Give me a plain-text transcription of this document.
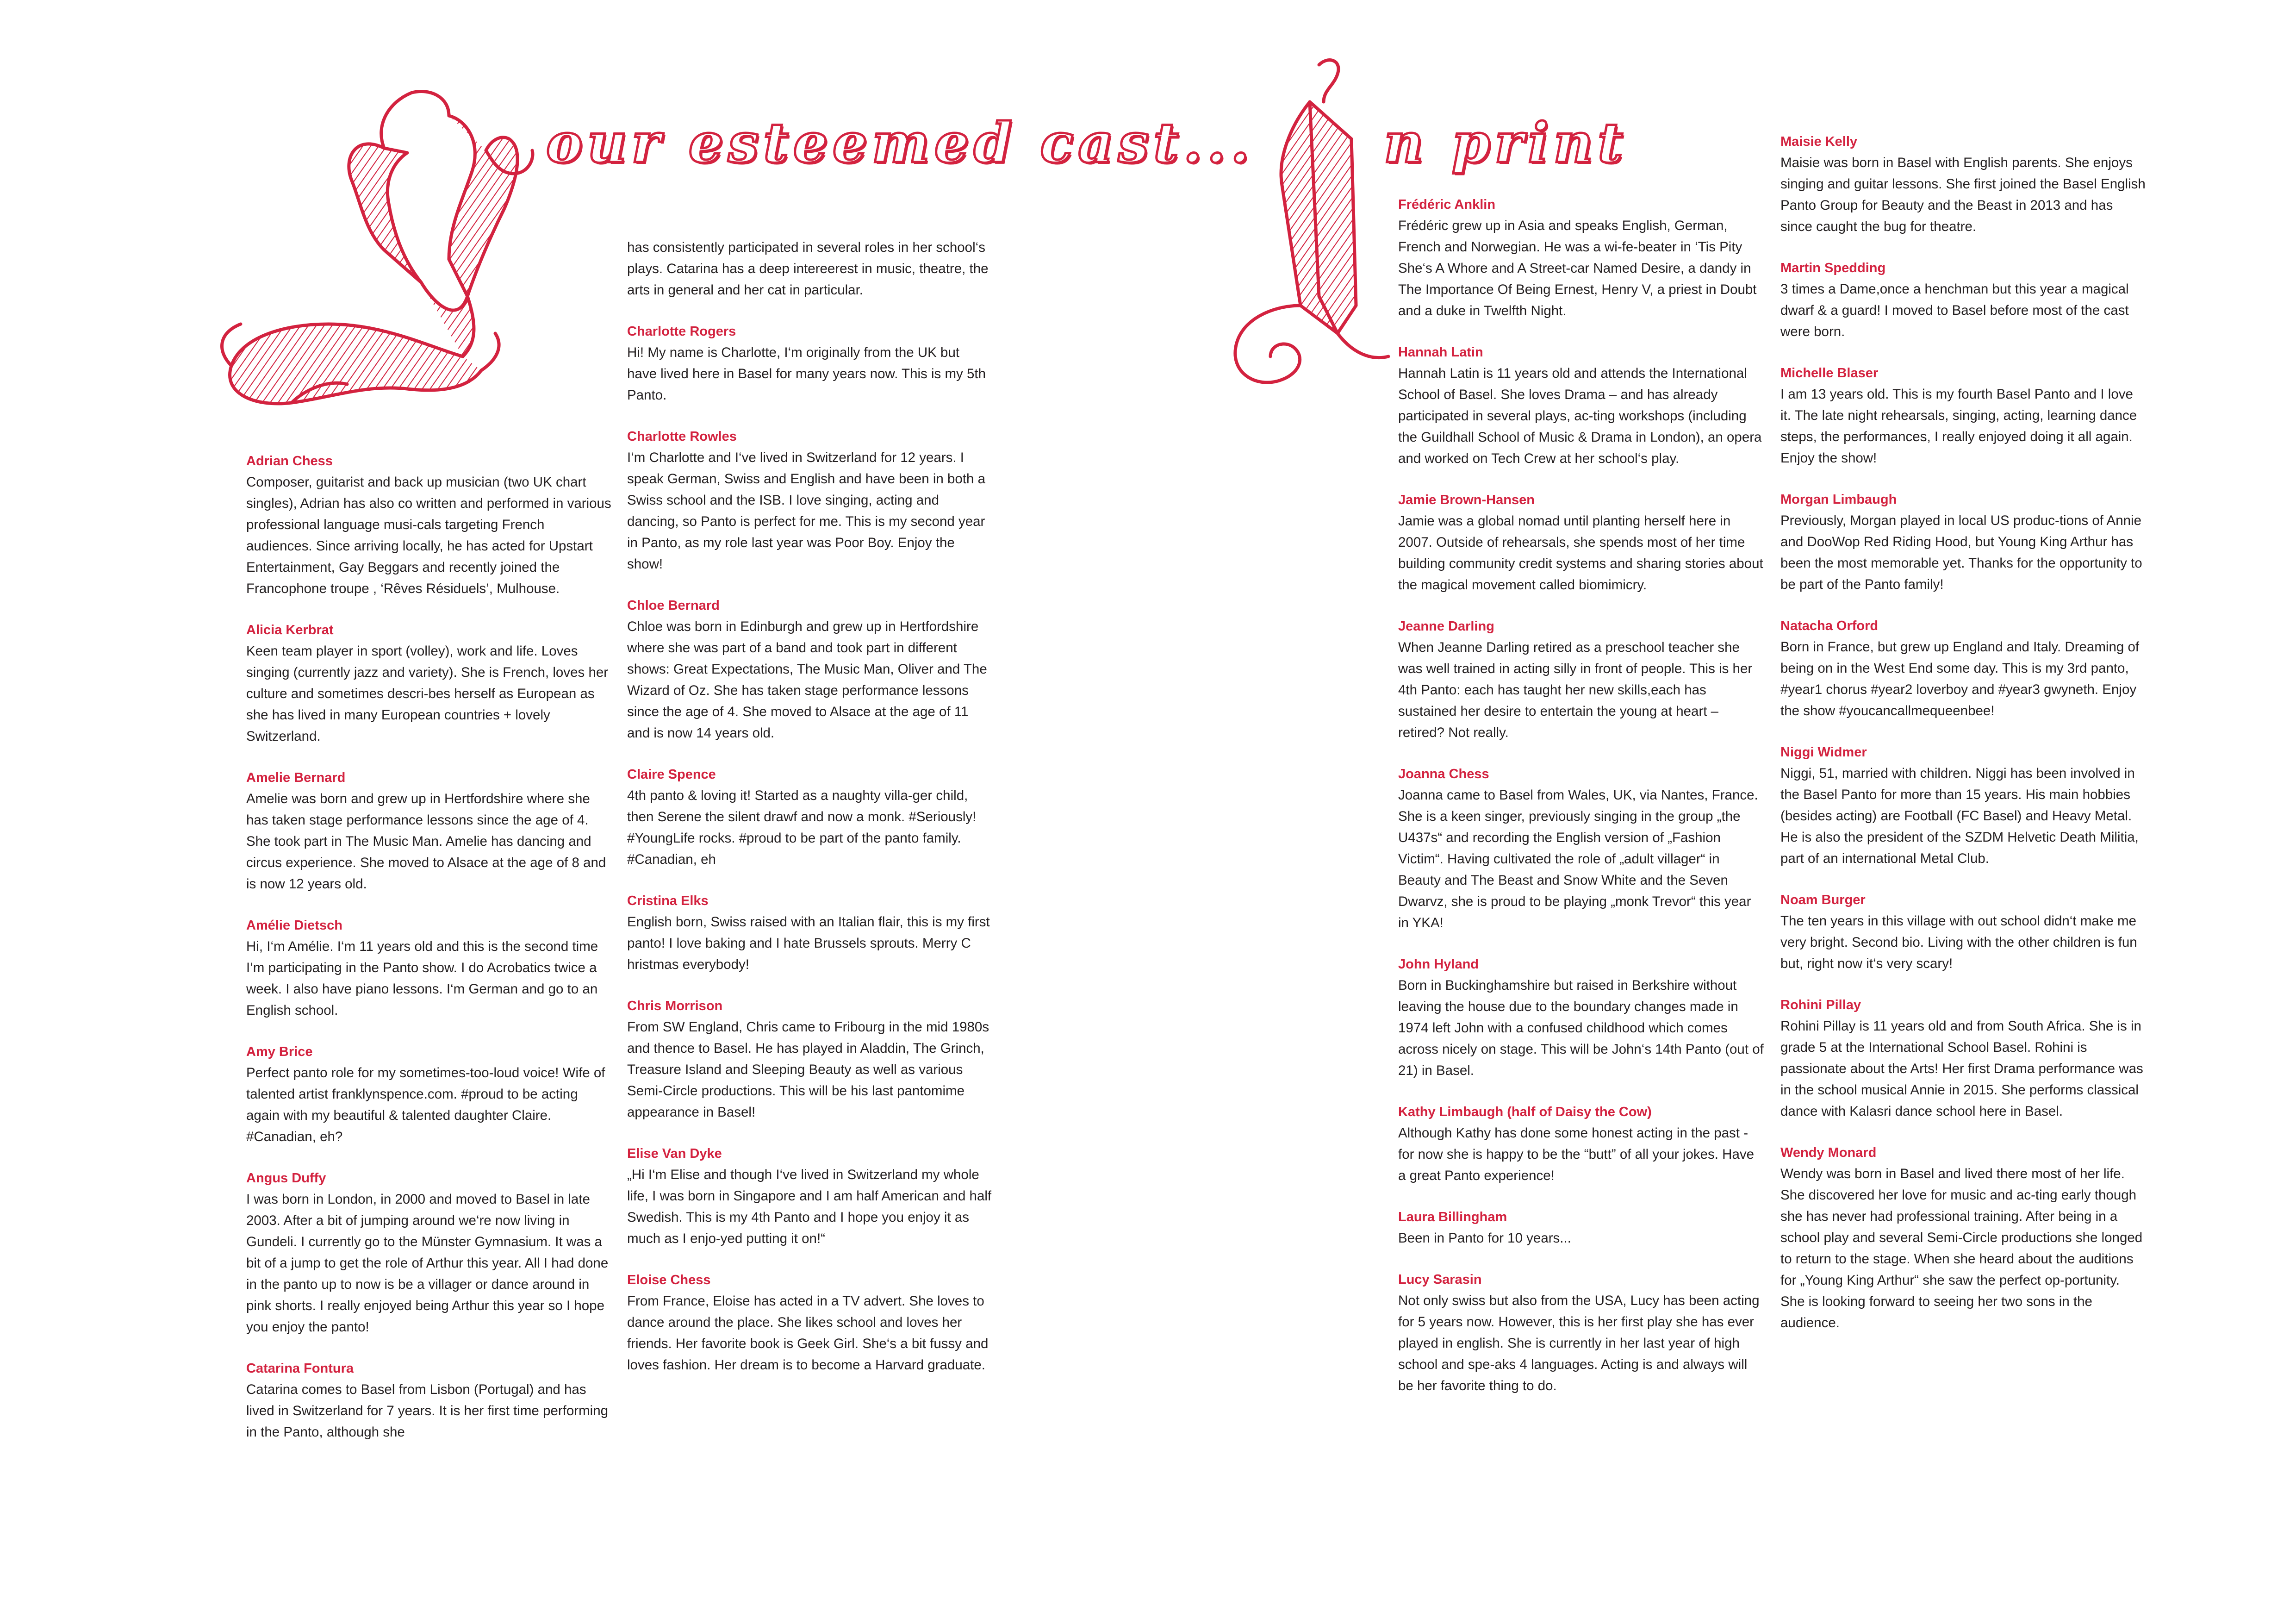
our esteemed cast...
Adrian Chess
Composer, guitarist and back up musician (two UK chart singles), Adrian has also co written and performed in various professional language musi-cals targeting French audiences. Since arriving locally, he has acted for Upstart Entertainment, Gay Beggars and recently joined the Francophone troupe , ‘Rêves Résiduels’, Mulhouse.
Alicia Kerbrat
Keen team player in sport (volley), work and life. Loves singing (currently jazz and variety). She is French, loves her culture and sometimes descri-bes herself as European as she has lived in many European countries + lovely Switzerland.
Amelie Bernard
Amelie was born and grew up in Hertfordshire where she has taken stage performance lessons since the age of 4. She took part in The Music Man. Amelie has dancing and circus experience. She moved to Alsace at the age of 8 and is now 12 years old.
Amélie Dietsch
Hi, I‘m Amélie. I‘m 11 years old and this is the second time I‘m participating in the Panto show. I do Acrobatics twice a week. I also have piano lessons. I‘m German and go to an English school.
Amy Brice
Perfect panto role for my sometimes-too-loud voice! Wife of talented artist franklynspence.com. #proud to be acting again with my beautiful & talented daughter Claire. #Canadian, eh?
Angus Duffy
I was born in London, in 2000 and moved to Basel in late 2003. After a bit of jumping around we‘re now living in Gundeli. I currently go to the Münster Gymnasium. It was a bit of a jump to get the role of Arthur this year. All I had done in the panto up to now is be a villager or dance around in pink shorts. I really enjoyed being Arthur this year so I hope you enjoy the panto!
Catarina Fontura
Catarina comes to Basel from Lisbon (Portugal) and has lived in Switzerland for 7 years. It is her first time performing in the Panto, although she
has consistently participated in several roles in her school‘s plays. Catarina has a deep intereerest in music, theatre, the arts in general and her cat in particular.
Charlotte Rogers
Hi! My name is Charlotte, I‘m originally from the UK but have lived here in Basel for many years now. This is my 5th Panto.
Charlotte Rowles
I‘m Charlotte and I‘ve lived in Switzerland for 12 years. I speak German, Swiss and English and have been in both a Swiss school and the ISB. I love singing, acting and dancing, so Panto is perfect for me. This is my second year in Panto, as my role last year was Poor Boy. Enjoy the show!
Chloe Bernard
Chloe was born in Edinburgh and grew up in Hertfordshire where she was part of a band and took part in different shows: Great Expectations, The Music Man, Oliver and The Wizard of Oz. She has taken stage performance lessons since the age of 4. She moved to Alsace at the age of 11 and is now 14 years old.
Claire Spence
4th panto & loving it! Started as a naughty villa-ger child, then Serene the silent drawf and now a monk. #Seriously! #YoungLife rocks. #proud to be part of the panto family. #Canadian, eh
Cristina Elks
English born, Swiss raised with an Italian flair, this is my first panto! I love baking and I hate Brussels sprouts. Merry C hristmas everybody!
Chris Morrison
From SW England, Chris came to Fribourg in the mid 1980s and thence to Basel. He has played in Aladdin, The Grinch, Treasure Island and Sleeping Beauty as well as various Semi-Circle productions. This will be his last pantomime appearance in Basel!
Elise Van Dyke
„Hi I‘m Elise and though I‘ve lived in Switzerland my whole life, I was born in Singapore and I am half American and half Swedish. This is my 4th Panto and I hope you enjoy it as much as I enjo-yed putting it on!“
Eloise Chess
From France, Eloise has acted in a TV advert. She loves to dance around the place. She likes school and loves her friends. Her favorite book is Geek Girl. She‘s a bit fussy and loves fashion. Her dream is to become a Harvard graduate.
n print
Frédéric Anklin
Frédéric grew up in Asia and speaks English, German, French and Norwegian. He was a wi-fe-beater in ‘Tis Pity She‘s A Whore and A Street-car Named Desire, a dandy in The Importance Of Being Ernest, Henry V, a priest in Doubt and a duke in Twelfth Night.
Hannah Latin
Hannah Latin is 11 years old and attends the International School of Basel. She loves Drama – and has already participated in several plays, ac-ting workshops (including the Guildhall School of Music & Drama in London), an opera and worked on Tech Crew at her school‘s play.
Jamie Brown-Hansen
Jamie was a global nomad until planting herself here in 2007. Outside of rehearsals, she spends most of her time building community credit systems and sharing stories about the magical movement called biomimicry.
Jeanne Darling
When Jeanne Darling retired as a preschool teacher she was well trained in acting silly in front of people. This is her 4th Panto: each has taught her new skills,each has sustained her desire to entertain the young at heart – retired? Not really.
Joanna Chess
Joanna came to Basel from Wales, UK, via Nantes, France. She is a keen singer, previously singing in the group „the U437s“ and recording the English version of „Fashion Victim“. Having cultivated the role of „adult villager“ in Beauty and The Beast and Snow White and the Seven Dwarvz, she is proud to be playing „monk Trevor“ this year in YKA!
John Hyland
Born in Buckinghamshire but raised in Berkshire without leaving the house due to the boundary changes made in 1974 left John with a confused childhood which comes across nicely on stage. This will be John‘s 14th Panto (out of 21) in Basel.
Kathy Limbaugh (half of Daisy the Cow)
Although Kathy has done some honest acting in the past - for now she is happy to be the “butt” of all your jokes. Have a great Panto experience!
Laura Billingham
Been in Panto for 10 years...
Lucy Sarasin
Not only swiss but also from the USA, Lucy has been acting for 5 years now. However, this is her first play she has ever played in english. She is currently in her last year of high school and spe-aks 4 languages. Acting is and always will be her favorite thing to do.
Maisie Kelly
Maisie was born in Basel with English parents. She enjoys singing and guitar lessons. She first joined the Basel English Panto Group for Beauty and the Beast in 2013 and has since caught the bug for theatre.
Martin Spedding
3 times a Dame,once a henchman but this year a magical dwarf & a guard! I moved to Basel before most of the cast were born.
Michelle Blaser
I am 13 years old. This is my fourth Basel Panto and I love it. The late night rehearsals, singing, acting, learning dance steps, the performances, I really enjoyed doing it all again. Enjoy the show!
Morgan Limbaugh
Previously, Morgan played in local US produc-tions of Annie and DooWop Red Riding Hood, but Young King Arthur has been the most memorable yet. Thanks for the opportunity to be part of the Panto family!
Natacha Orford
Born in France, but grew up England and Italy. Dreaming of being on in the West End some day. This is my 3rd panto, #year1 chorus #year2 loverboy and #year3 gwyneth. Enjoy the show #youcancallmequeenbee!
Niggi Widmer
Niggi, 51, married with children. Niggi has been involved in the Basel Panto for more than 15 years. His main hobbies (besides acting) are Football (FC Basel) and Heavy Metal. He is also the president of the SZDM Helvetic Death Militia, part of an international Metal Club.
Noam Burger
The ten years in this village with out school didn‘t make me very bright. Second bio. Living with the other children is fun but, right now it‘s very scary!
Rohini Pillay
Rohini Pillay is 11 years old and from South Africa. She is in grade 5 at the International School Basel. Rohini is passionate about the Arts! Her first Drama performance was in the school musical Annie in 2015. She performs classical dance with Kalasri dance school here in Basel.
Wendy Monard
Wendy was born in Basel and lived there most of her life. She discovered her love for music and ac-ting early though she has never had professional training. After being in a school play and several Semi-Circle productions she longed to return to the stage. When she heard about the auditions for „Young King Arthur“ she saw the perfect op-portunity. She is looking forward to seeing her two sons in the audience.
